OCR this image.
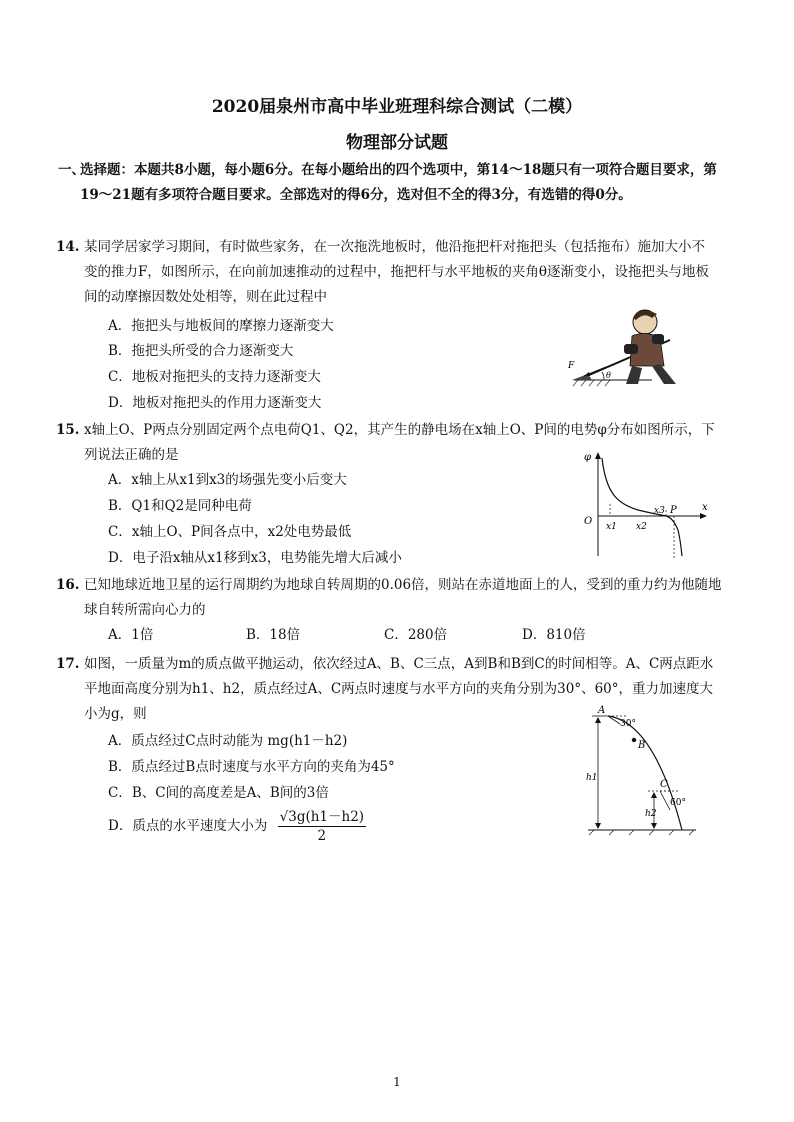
2020届泉州市高中毕业班理科综合测试（二模）
物理部分试题
一、
选择题：本题共8小题，每小题6分。在每小题给出的四个选项中，第14～18题只有一项符合题目要求，第19～21题有多项符合题目要求。全部选对的得6分，选对但不全的得3分，有选错的得0分。
14. 某同学居家学习期间，有时做些家务，在一次拖洗地板时，他沿拖把杆对拖把头（包括拖布）施加大小不变的推力F，如图所示，在向前加速推动的过程中，拖把杆与水平地板的夹角θ逐渐变小，设拖把头与地板间的动摩擦因数处处相等，则在此过程中
A．拖把头与地板间的摩擦力逐渐变大
B．拖把头所受的合力逐渐变大
C．地板对拖把头的支持力逐渐变大
D．地板对拖把头的作用力逐渐变大
F
θ
15. x轴上O、P两点分别固定两个点电荷Q1、Q2，其产生的静电场在x轴上O、P间的电势φ分布如图所示，下列说法正确的是
A．x轴上从x1到x3的场强先变小后变大
B．Q1和Q2是同种电荷
C．x轴上O、P间各点中，x2处电势最低
D．电子沿x轴从x1移到x3，电势能先增大后减小
φ
x
O x1 x2
x3 P
16. 已知地球近地卫星的运行周期约为地球自转周期的0.06倍，则站在赤道地面上的人，受到的重力约为他随地球自转所需向心力的
A．1倍	B．18倍	C．280倍	D．810倍
17. 如图，一质量为m的质点做平抛运动，依次经过A、B、C三点，A到B和B到C的时间相等。A、C两点距水平地面高度分别为h1、h2，质点经过A、C两点时速度与水平方向的夹角分别为30°、60°，重力加速度大小为g，则
A．质点经过C点时动能为 mg(h1－h2)
B．质点经过B点时速度与水平方向的夹角为45°
C．B、C间的高度差是A、B间的3倍
D．质点的水平速度大小为 $\frac{√3g(h1-h2)}{2}$
h1
h2
A
30°
B
C
60°
1
